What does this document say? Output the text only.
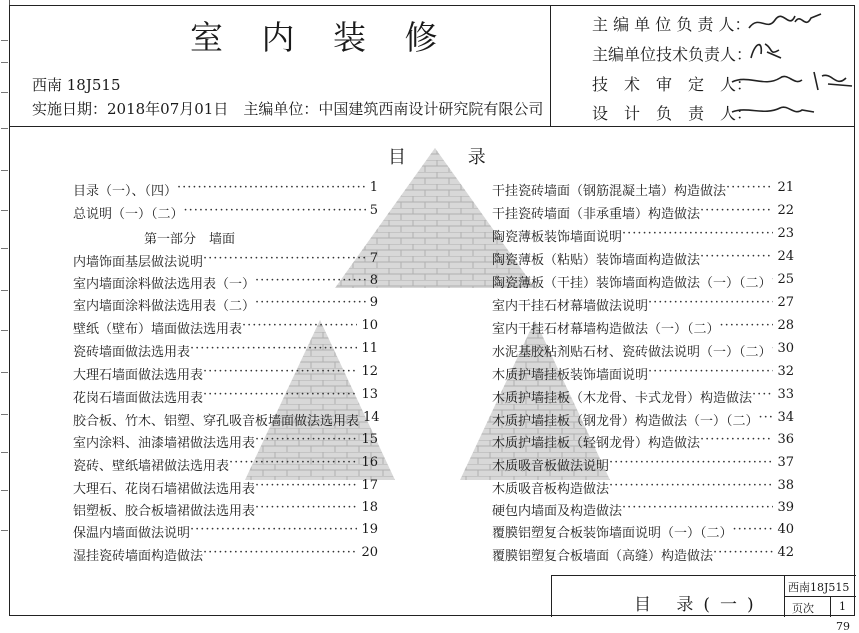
室 内 装 修
西南 18J515
实施日期：2018年07月01日　主编单位：中国建筑西南设计研究院有限公司
主 编 单 位 负 责 人：
主编单位技术负责人：
技　术　审　定　人：
设　计　负　责　人：
目 录
第一部分　墙面
目录（一）、（四） ·····	1
总说明（一）（二） ·····	5
内墙饰面基层做法说明 ·····	7
室内墙面涂料做法选用表（一） ·····	8
室内墙面涂料做法选用表（二） ·····	9
壁纸（壁布）墙面做法选用表 ·····	10
瓷砖墙面做法选用表 ·····	11
大理石墙面做法选用表 ·····	12
花岗石墙面做法选用表 ·····	13
胶合板、竹木、铝塑、穿孔吸音板墙面做法选用表 14
室内涂料、油漆墙裙做法选用表 ·····	15
瓷砖、壁纸墙裙做法选用表 ·····	16
大理石、花岗石墙裙做法选用表 ·····	17
铝塑板、胶合板墙裙做法选用表 ·····	18
保温内墙面做法说明 ·····	19
湿挂瓷砖墙面构造做法 ·····	20
干挂瓷砖墙面（钢筋混凝土墙）构造做法 ·····	21
干挂瓷砖墙面（非承重墙）构造做法 ·····	22
陶瓷薄板装饰墙面说明 ·····	23
陶瓷薄板（粘贴）装饰墙面构造做法 ·····	24
陶瓷薄板（干挂）装饰墙面构造做法（一）（二） ····· 25
室内干挂石材幕墙做法说明 ·····	27
室内干挂石材幕墙构造做法（一）（二） ·····	28
水泥基胶粘剂贴石材、瓷砖做法说明（一）（二） ····· 30
木质护墙挂板装饰墙面说明 ·····	32
木质护墙挂板（木龙骨、卡式龙骨）构造做法 ·····	33
木质护墙挂板（钢龙骨）构造做法（一）（二） ·····	34
木质护墙挂板（轻钢龙骨）构造做法 ·····	36
木质吸音板做法说明 ·····	37
木质吸音板构造做法 ·····	38
硬包内墙面及构造做法 ·····	39
覆膜铝塑复合板装饰墙面说明（一）（二） ·····	40
覆膜铝塑复合板墙面（高缝）构造做法 ·····	42
目 录(一)
西南18J515
页次 1
79
